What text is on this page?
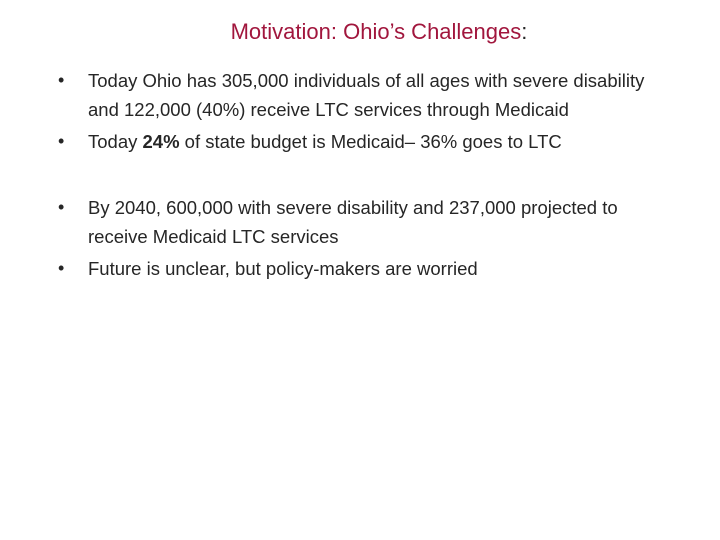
Motivation: Ohio’s Challenges:
• Today Ohio has 305,000 individuals of all ages with severe disability and 122,000 (40%) receive LTC services through Medicaid
• Today 24% of state budget is Medicaid– 36% goes to LTC
• By 2040, 600,000 with severe disability and 237,000 projected to receive Medicaid LTC services
• Future is unclear, but policy-makers are worried
